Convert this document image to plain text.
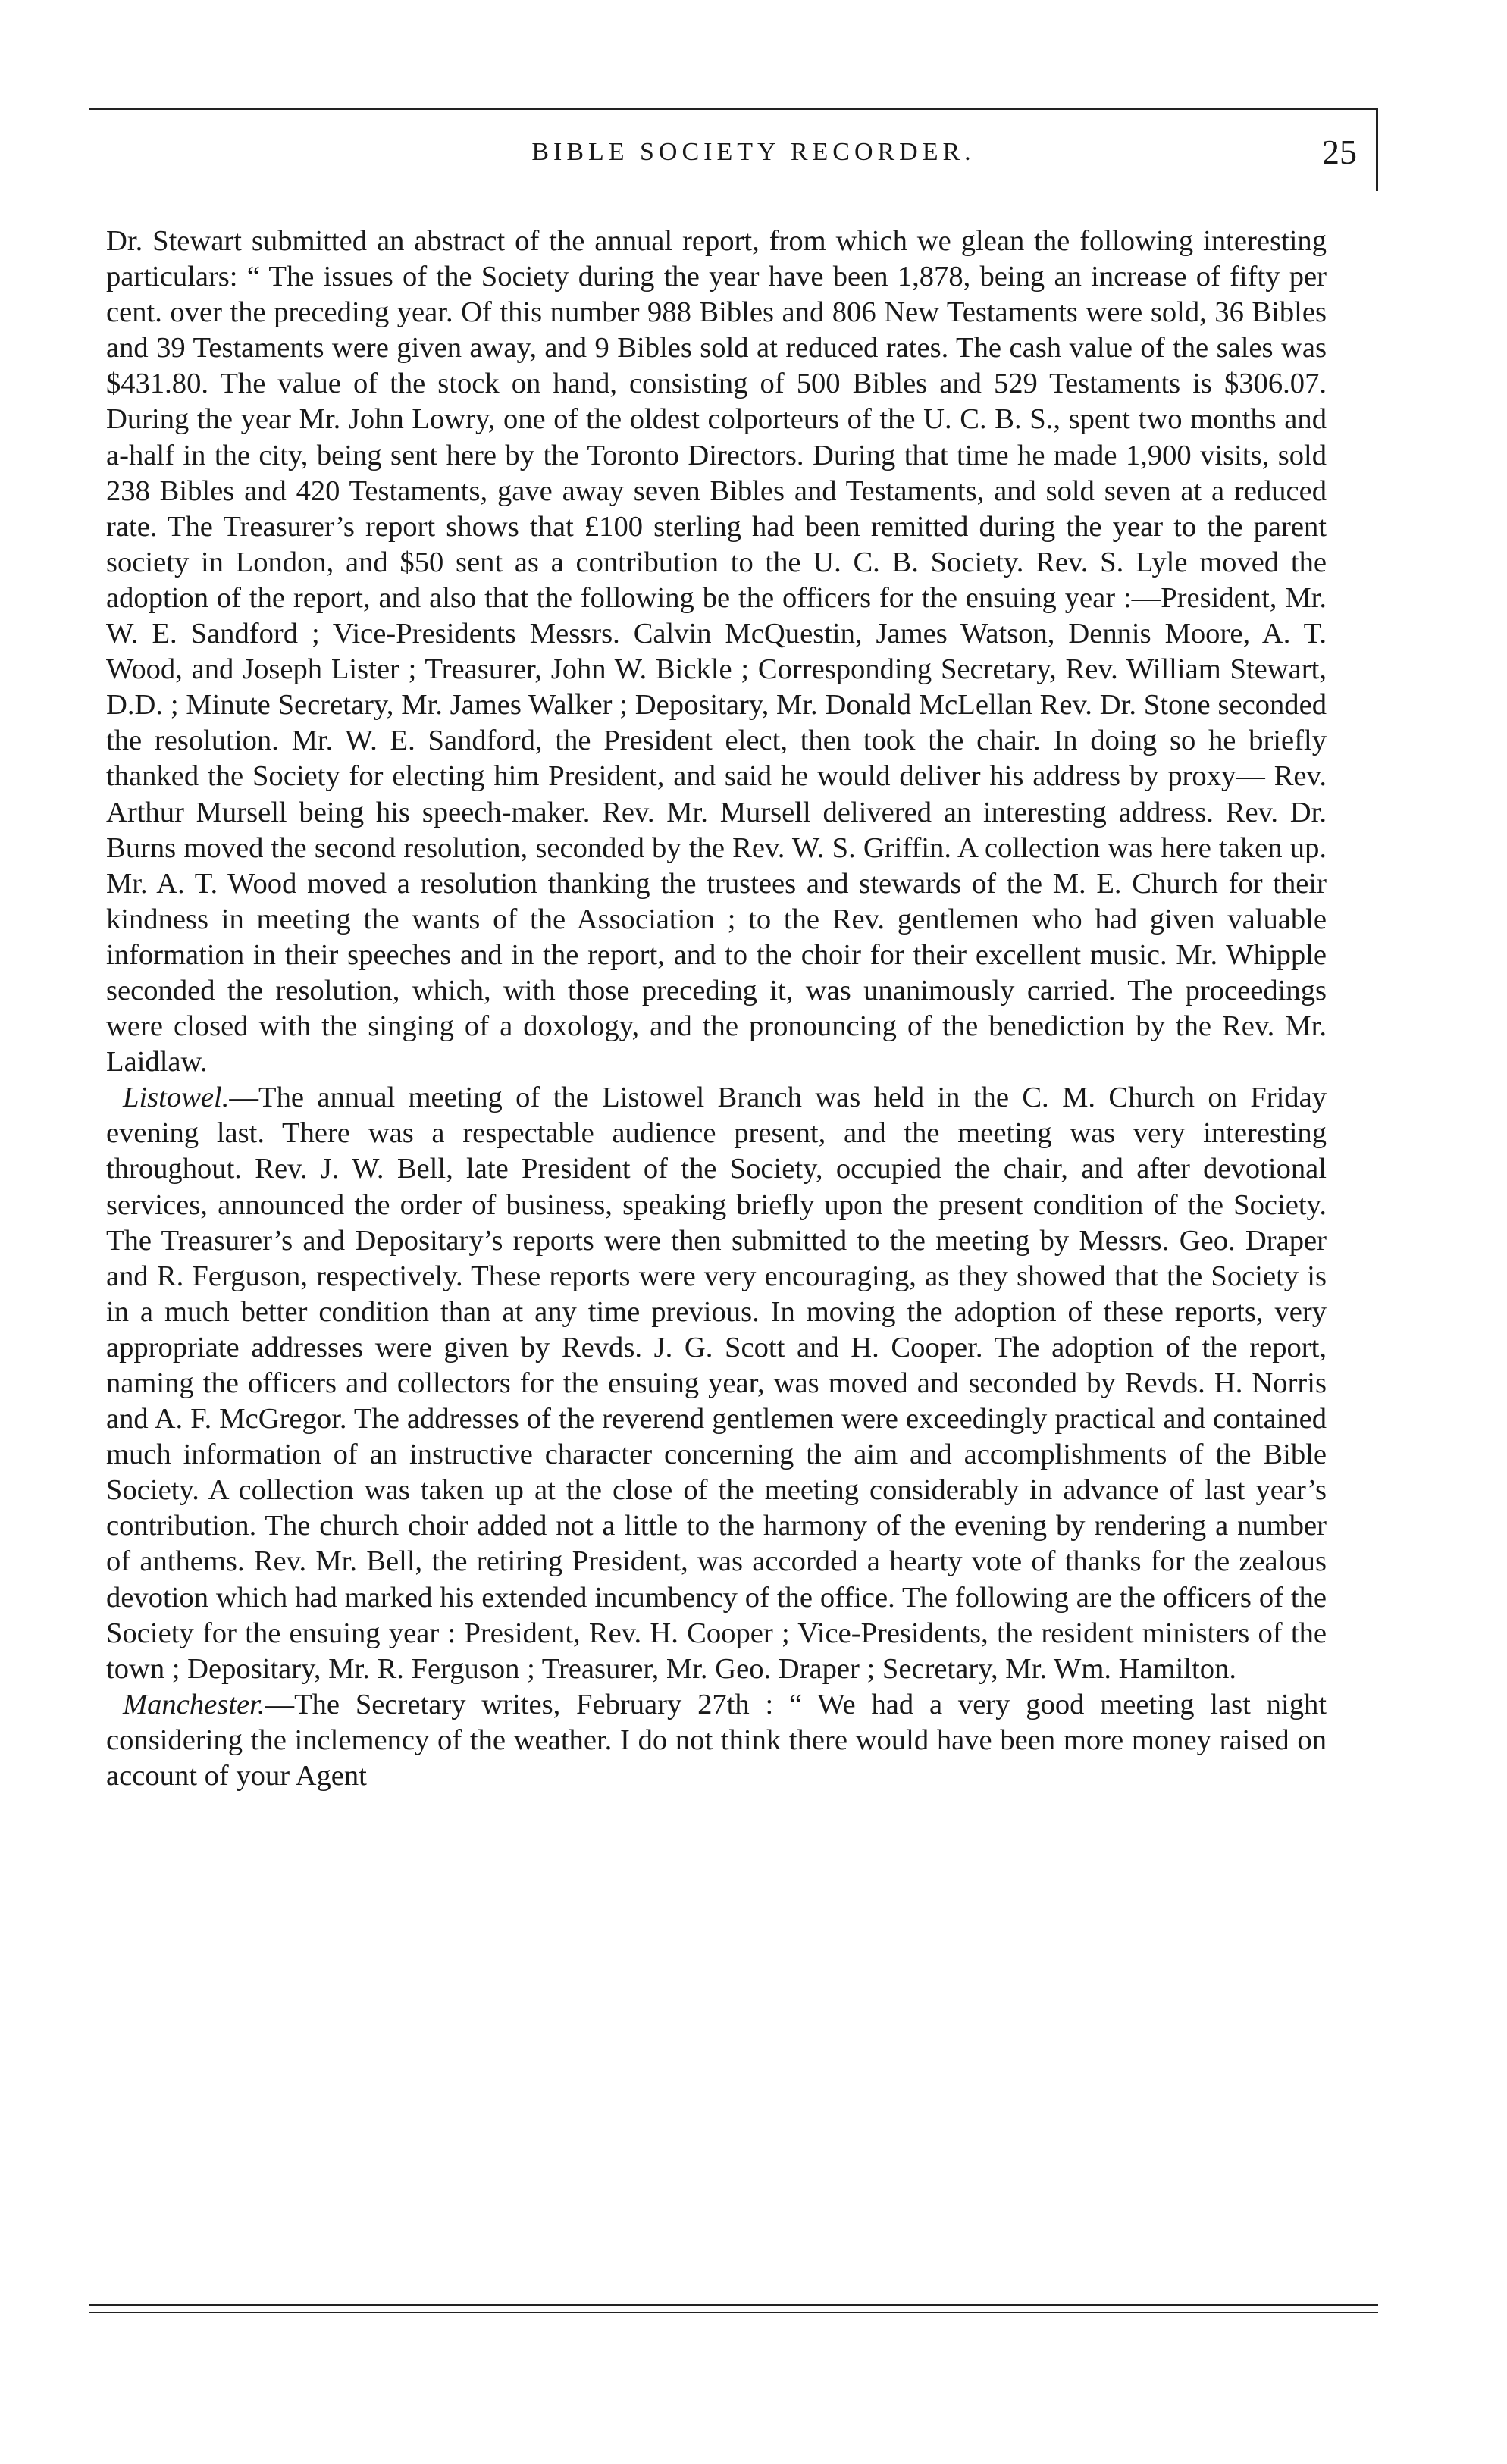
BIBLE SOCIETY RECORDER.	25

Dr. Stewart submitted an abstract of the annual report, from which we glean the following interesting particulars: “ The issues of the Society during the year have been 1,878, being an increase of fifty per cent. over the preceding year. Of this number 988 Bibles and 806 New Testaments were sold, 36 Bibles and 39 Testaments were given away, and 9 Bibles sold at reduced rates. The cash value of the sales was $431.80. The value of the stock on hand, consisting of 500 Bibles and 529 Testaments is $306.07. During the year Mr. John Lowry, one of the oldest colporteurs of the U. C. B. S., spent two months and a-half in the city, being sent here by the Toronto Directors. During that time he made 1,900 visits, sold 238 Bibles and 420 Testaments, gave away seven Bibles and Testaments, and sold seven at a reduced rate. The Treasurer’s report shows that £100 sterling had been remitted during the year to the parent society in London, and $50 sent as a contribution to the U. C. B. Society. Rev. S. Lyle moved the adoption of the report, and also that the following be the officers for the ensuing year :—President, Mr. W. E. Sandford ; Vice-Presidents Messrs. Calvin McQuestin, James Watson, Dennis Moore, A. T. Wood, and Joseph Lister ; Treasurer, John W. Bickle ; Corresponding Secretary, Rev. William Stewart, D.D. ; Minute Secretary, Mr. James Walker ; Depositary, Mr. Donald McLellan Rev. Dr. Stone seconded the resolution. Mr. W. E. Sandford, the President elect, then took the chair. In doing so he briefly thanked the Society for electing him President, and said he would deliver his address by proxy— Rev. Arthur Mursell being his speech-maker. Rev. Mr. Mursell delivered an interesting address. Rev. Dr. Burns moved the second resolution, seconded by the Rev. W. S. Griffin. A collection was here taken up. Mr. A. T. Wood moved a resolution thanking the trustees and stewards of the M. E. Church for their kindness in meeting the wants of the Association ; to the Rev. gentlemen who had given valuable information in their speeches and in the report, and to the choir for their excellent music. Mr. Whipple seconded the resolution, which, with those preceding it, was unanimously carried. The proceedings were closed with the singing of a doxology, and the pronouncing of the benediction by the Rev. Mr. Laidlaw.

Listowel.—The annual meeting of the Listowel Branch was held in the C. M. Church on Friday evening last. There was a respectable audience present, and the meeting was very interesting throughout. Rev. J. W. Bell, late President of the Society, occupied the chair, and after devotional services, announced the order of business, speaking briefly upon the present condition of the Society. The Treasurer’s and Depositary’s reports were then submitted to the meeting by Messrs. Geo. Draper and R. Ferguson, respectively. These reports were very encouraging, as they showed that the Society is in a much better condition than at any time previous. In moving the adoption of these reports, very appropriate addresses were given by Revds. J. G. Scott and H. Cooper. The adoption of the report, naming the officers and collectors for the ensuing year, was moved and seconded by Revds. H. Norris and A. F. McGregor. The addresses of the reverend gentlemen were exceedingly practical and contained much information of an instructive character concerning the aim and accomplishments of the Bible Society. A collection was taken up at the close of the meeting considerably in advance of last year’s contribution. The church choir added not a little to the harmony of the evening by rendering a number of anthems. Rev. Mr. Bell, the retiring President, was accorded a hearty vote of thanks for the zealous devotion which had marked his extended incumbency of the office. The following are the officers of the Society for the ensuing year : President, Rev. H. Cooper ; Vice-Presidents, the resident ministers of the town ; Depositary, Mr. R. Ferguson ; Treasurer, Mr. Geo. Draper ; Secretary, Mr. Wm. Hamilton.

Manchester.—The Secretary writes, February 27th : “ We had a very good meeting last night considering the inclemency of the weather. I do not think there would have been more money raised on account of your Agent
